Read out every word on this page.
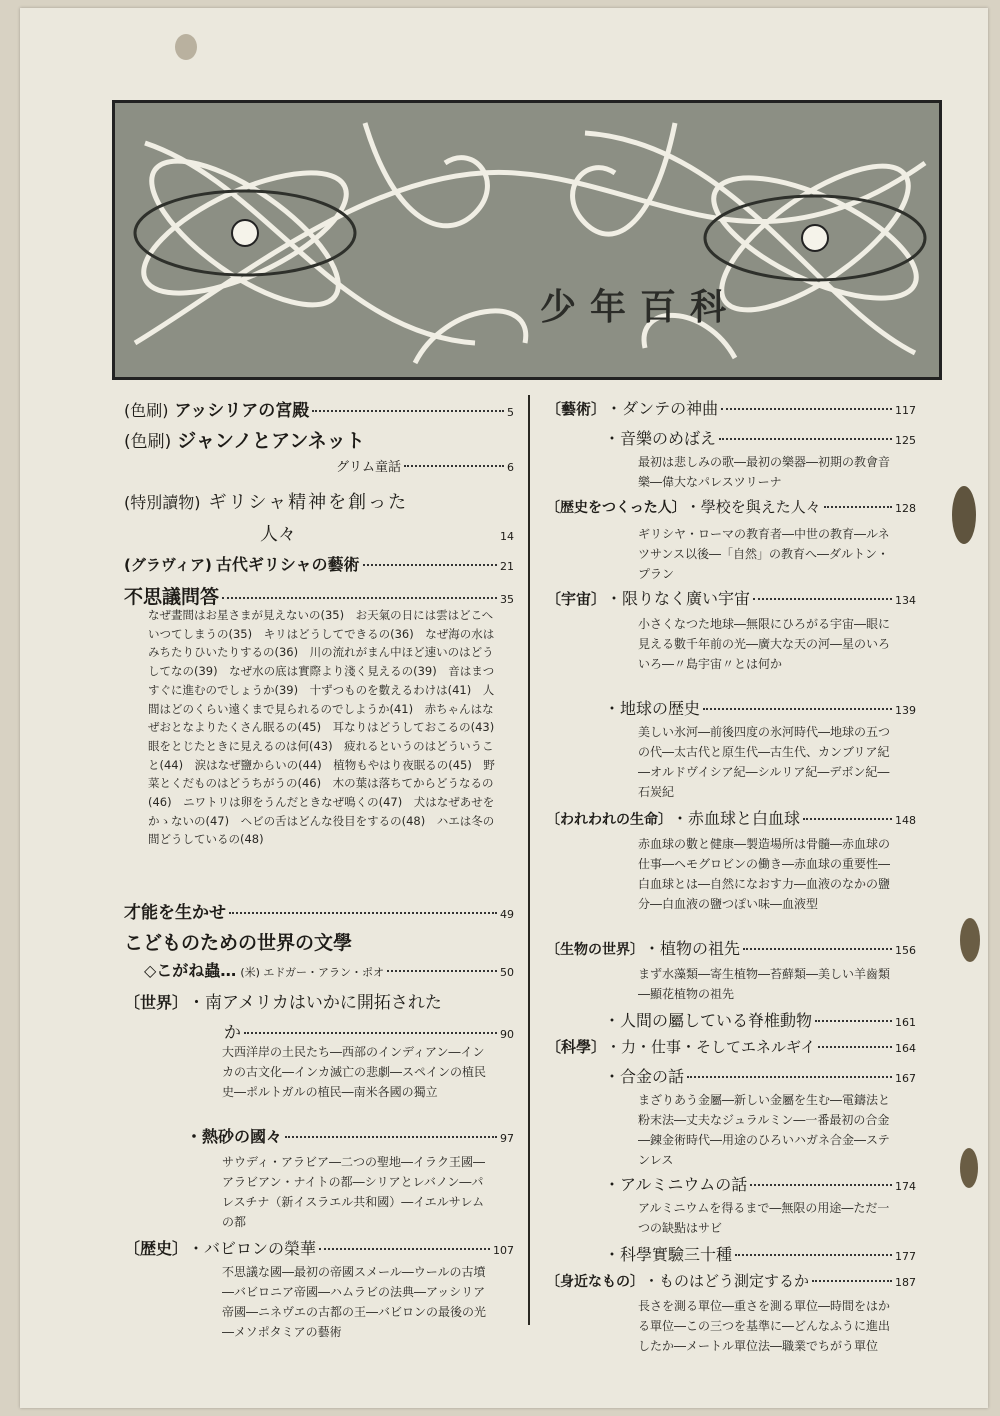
少年百科
(色刷) アッシリアの宮殿	5
(色刷) ジャンノとアンネット
グリム童話	6
(特別讀物) ギリシャ精神を創った
人々	14
(グラヴィア) 古代ギリシャの藝術	21
不思議問答	35
なぜ晝間はお星さまが見えないの(35)　お天氣の日には雲はどこへいつてしまうの(35)　キリはどうしてできるの(36)　なぜ海の水はみちたりひいたりするの(36)　川の流れがまん中ほど速いのはどうしてなの(39)　なぜ水の底は實際より淺く見えるの(39)　音はまつすぐに進むのでしょうか(39)　十ずつものを數えるわけは(41)　人間はどのくらい遠くまで見られるのでしようか(41)　赤ちゃんはなぜおとなよりたくさん眠るの(45)　耳なりはどうしておこるの(43)　眼をとじたときに見えるのは何(43)　疲れるというのはどういうこと(44)　涙はなぜ鹽からいの(44)　植物もやはり夜眠るの(45)　野菜とくだものはどうちがうの(46)　木の葉は落ちてからどうなるの(46)　ニワトリは卵をうんだときなぜ鳴くの(47)　犬はなぜあせをかゝないの(47)　ヘビの舌はどんな役目をするの(48)　ハエは冬の間どうしているの(48)
才能を生かせ	49
こどものための世界の文學
◇こがね蟲… (米) エドガー・アラン・ポオ	50
〔世界〕 ・南アメリカはいかに開拓された
か	90
大西洋岸の土民たち―西部のインディアン―インカの古文化―インカ滅亡の悲劇―スペインの植民史―ポルトガルの植民―南米各國の獨立
・熱砂の國々	97
サウディ・アラビア―二つの聖地―イラク王國―アラビアン・ナイトの都―シリアとレバノン―パレスチナ（新イスラエル共和國）―イエルサレムの都
〔歴史〕 ・バビロンの榮華	107
不思議な國―最初の帝國スメール―ウールの古墳―バビロニア帝國―ハムラビの法典―アッシリア帝國―ニネヴエの古都の王―バビロンの最後の光―メソポタミアの藝術
〔藝術〕 ・ダンテの神曲	117
・音樂のめばえ	125
最初は悲しみの歌―最初の樂器―初期の教會音樂―偉大なパレスツリーナ
〔歴史をつくった人〕 ・學校を與えた人々	128
ギリシヤ・ローマの教育者―中世の教育―ルネツサンス以後―「自然」の教育へ―ダルトン・プラン
〔宇宙〕 ・限りなく廣い宇宙	134
小さくなつた地球―無限にひろがる宇宙―眼に見える數千年前の光―廣大な天の河―星のいろいろ―〃島宇宙〃とは何か
・地球の歴史	139
美しい氷河―前後四度の氷河時代―地球の五つの代―太古代と原生代―古生代、カンブリア紀―オルドヴイシア紀―シルリア紀―デボン紀―石炭紀
〔われわれの生命〕 ・赤血球と白血球	148
赤血球の數と健康―製造場所は骨髓―赤血球の仕事―ヘモグロビンの働き―赤血球の重要性―白血球とは―自然になおす力―血液のなかの鹽分―白血液の鹽つぽい味―血液型
〔生物の世界〕 ・植物の祖先	156
まず水藻類―寄生植物―苔蘚類―美しい羊齒類―顯花植物の祖先
・人間の屬している脊椎動物	161
〔科學〕 ・力・仕事・そしてエネルギイ	164
・合金の話	167
まざりあう金屬―新しい金屬を生む―電鑄法と粉末法―丈夫なジュラルミン―一番最初の合金―錬金術時代―用途のひろいハガネ合金―ステンレス
・アルミニウムの話	174
アルミニウムを得るまで―無限の用途―ただ一つの缺點はサビ
・科學實驗三十種	177
〔身近なもの〕 ・ものはどう測定するか	187
長さを測る單位―重さを測る單位―時間をはかる單位―この三つを基準に―どんなふうに進出したか―メートル單位法―職業でちがう單位
